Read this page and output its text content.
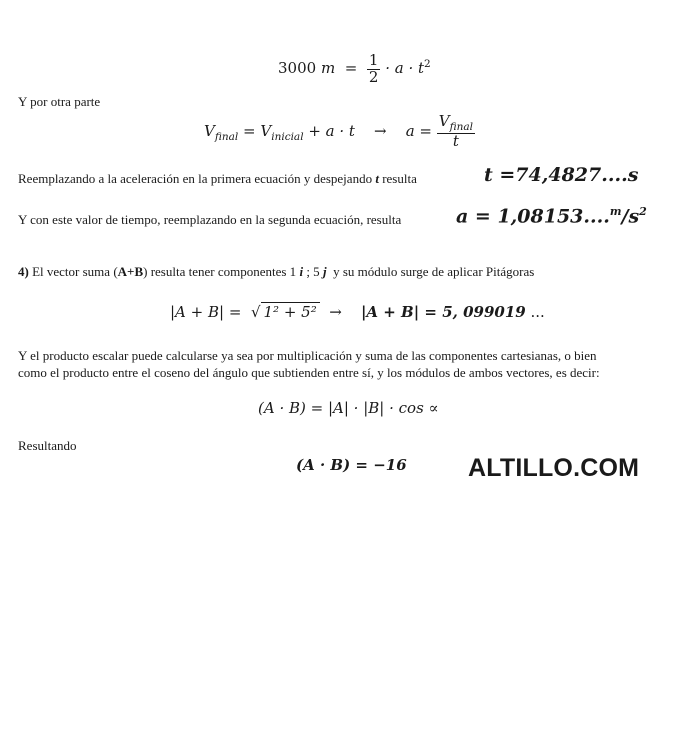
3000 $m = \frac{1}{2} \cdot a \cdot t^2$
Y por otra parte
$V_{final} = V_{inicial} + a \cdot t \to a = \frac{V_{final}}{t}$
Reemplazando a la aceleración en la primera ecuación y despejando t resulta	t =74,4827....s
Y con este valor de tiempo, reemplazando en la segunda ecuación, resulta	$a = 1,08153....^m/s^2$
4) El vector suma (A+B) resulta tener componentes 1 i ; 5 j y su módulo surge de aplicar Pitágoras
|A + B| = √ 1² + 5² → |A + B| = 5, 099019 ...
Y el producto escalar puede calcularse ya sea por multiplicación y suma de las componentes cartesianas, o bien
como el producto entre el coseno del ángulo que subtienden entre sí, y los módulos de ambos vectores, es decir:
(A · B) = |A| · |B| · cos ∝
Resultando
(A · B) = −16 ALTILLO.COM
